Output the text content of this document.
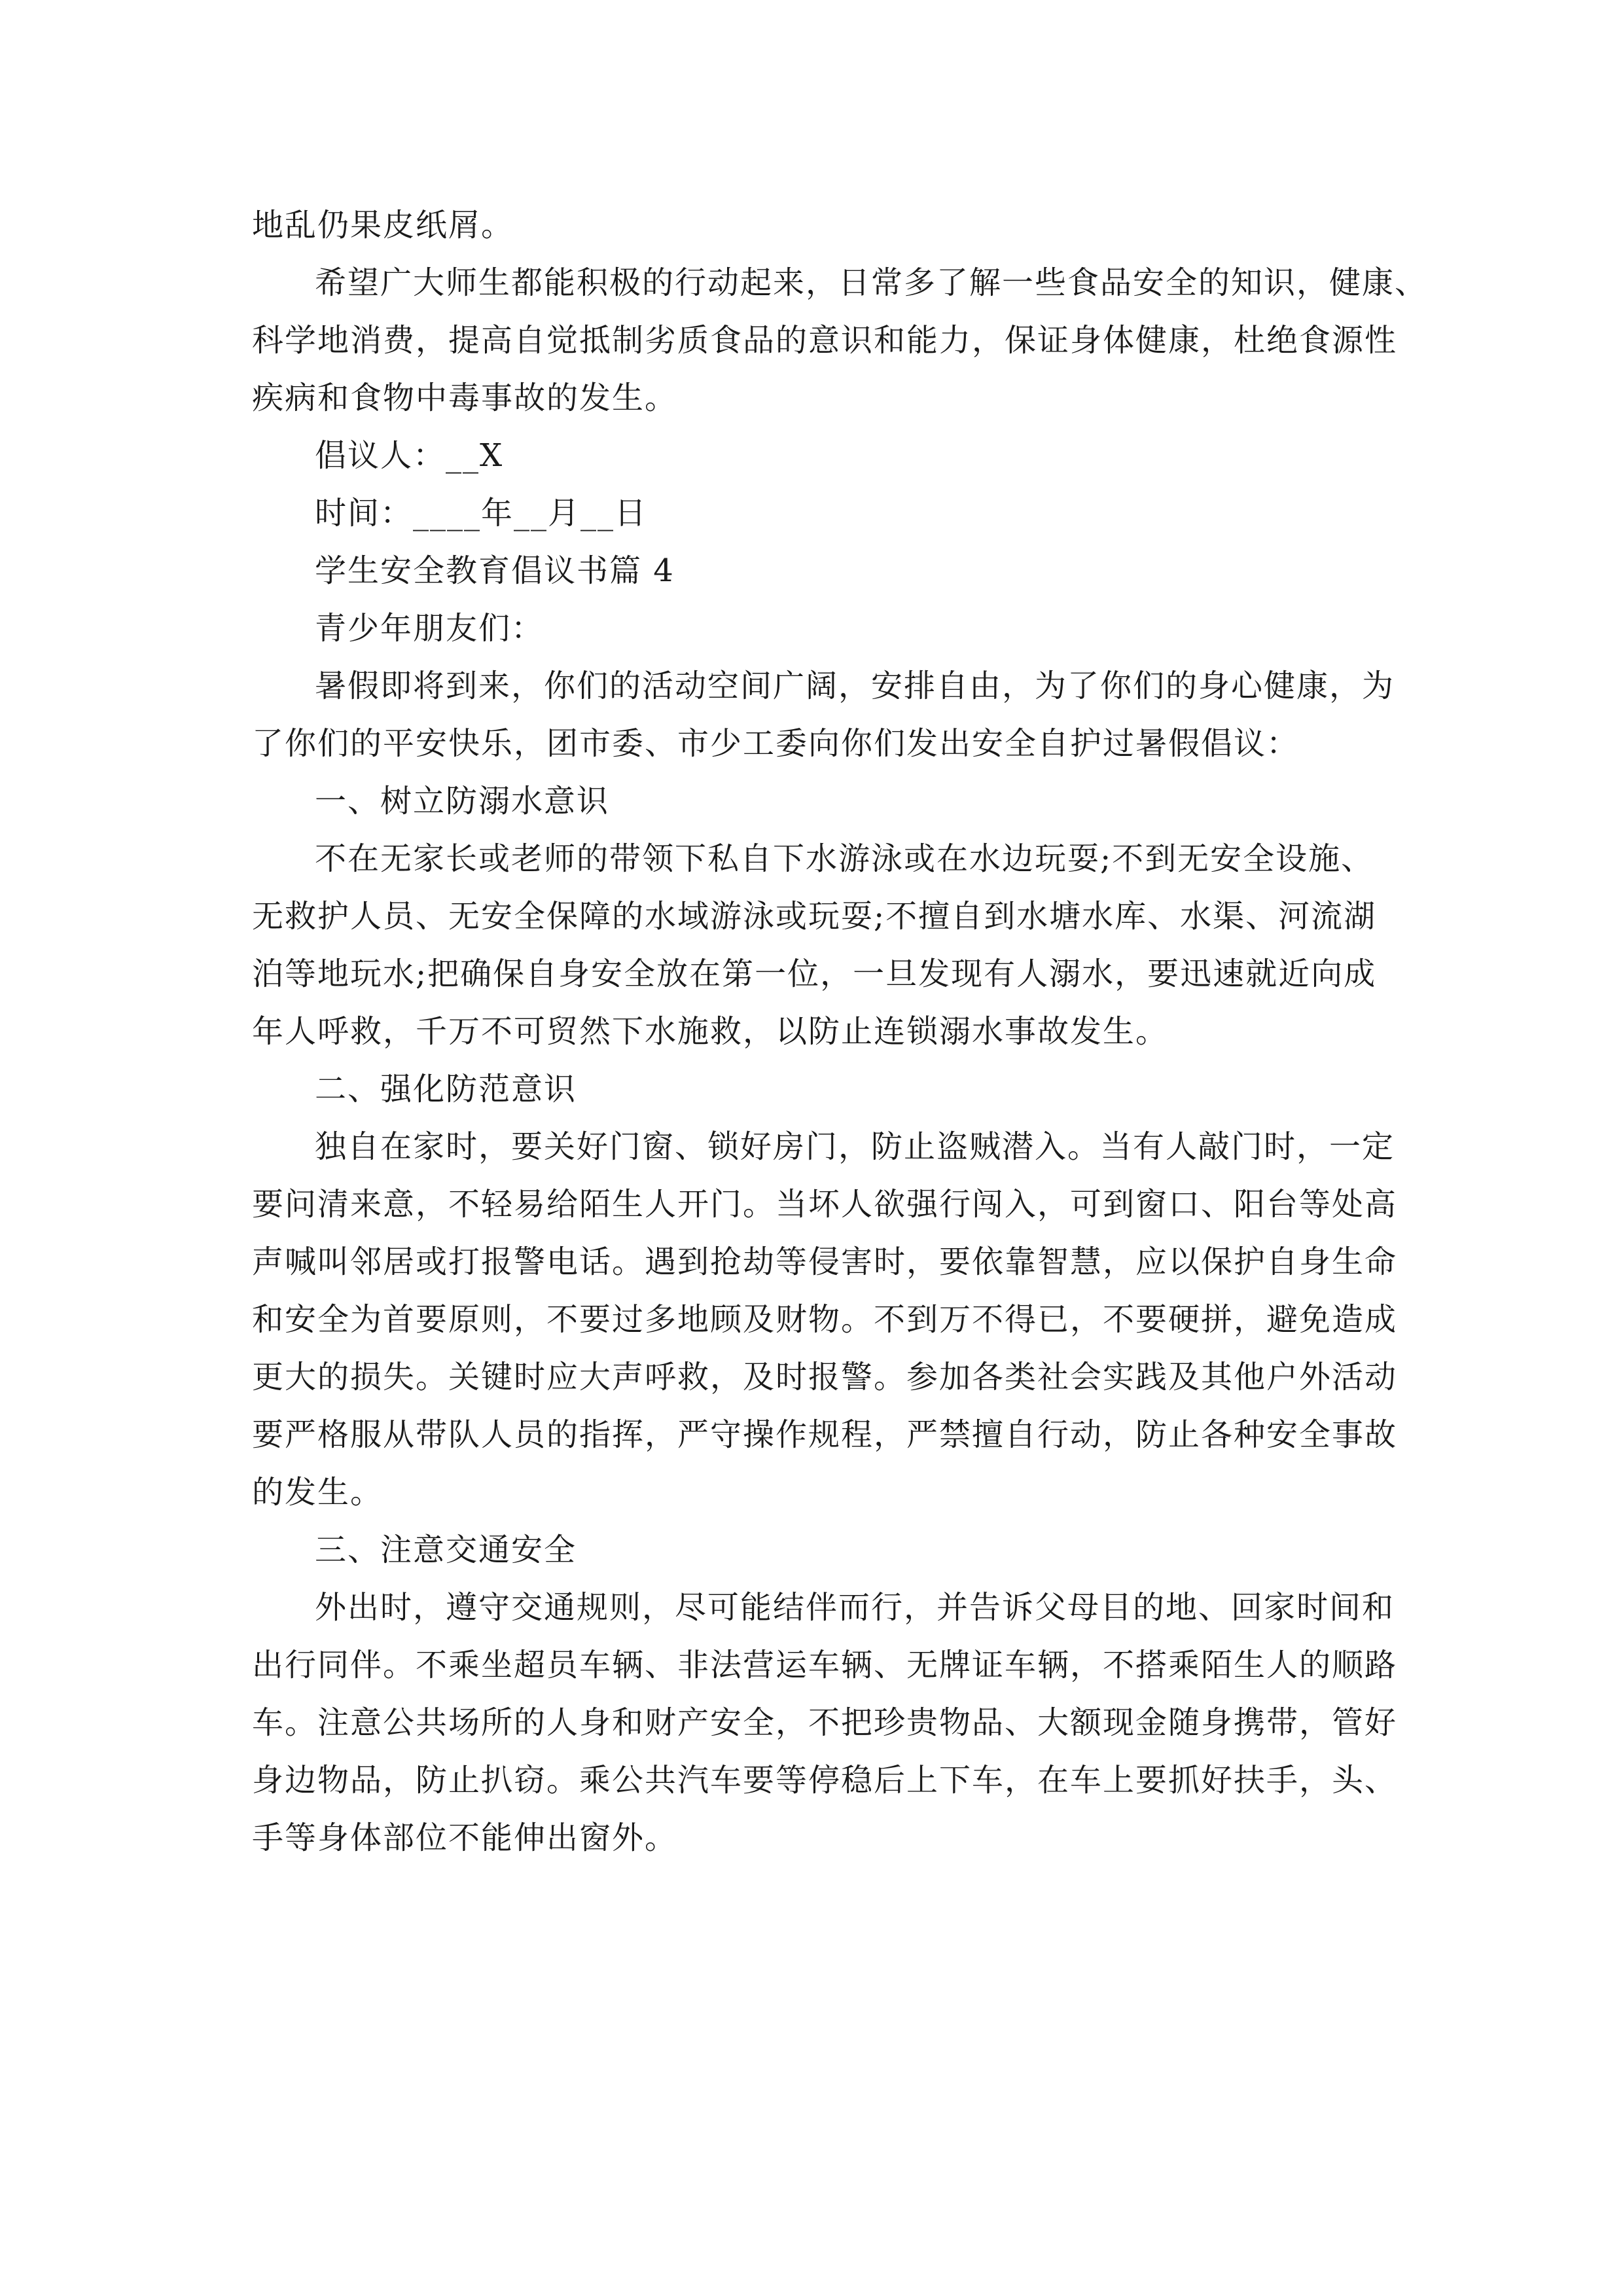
地乱仍果皮纸屑。
希望广大师生都能积极的行动起来，日常多了解一些食品安全的知识，健康、
科学地消费，提高自觉抵制劣质食品的意识和能力，保证身体健康，杜绝食源性
疾病和食物中毒事故的发生。
倡议人：__X
时间：____年__月__日
学生安全教育倡议书篇 4
青少年朋友们：
暑假即将到来，你们的活动空间广阔，安排自由，为了你们的身心健康，为
了你们的平安快乐，团市委、市少工委向你们发出安全自护过暑假倡议：
一、树立防溺水意识
不在无家长或老师的带领下私自下水游泳或在水边玩耍;不到无安全设施、
无救护人员、无安全保障的水域游泳或玩耍;不擅自到水塘水库、水渠、河流湖
泊等地玩水;把确保自身安全放在第一位，一旦发现有人溺水，要迅速就近向成
年人呼救，千万不可贸然下水施救，以防止连锁溺水事故发生。
二、强化防范意识
独自在家时，要关好门窗、锁好房门，防止盗贼潜入。当有人敲门时，一定
要问清来意，不轻易给陌生人开门。当坏人欲强行闯入，可到窗口、阳台等处高
声喊叫邻居或打报警电话。遇到抢劫等侵害时，要依靠智慧，应以保护自身生命
和安全为首要原则，不要过多地顾及财物。不到万不得已，不要硬拼，避免造成
更大的损失。关键时应大声呼救，及时报警。参加各类社会实践及其他户外活动
要严格服从带队人员的指挥，严守操作规程，严禁擅自行动，防止各种安全事故
的发生。
三、注意交通安全
外出时，遵守交通规则，尽可能结伴而行，并告诉父母目的地、回家时间和
出行同伴。不乘坐超员车辆、非法营运车辆、无牌证车辆，不搭乘陌生人的顺路
车。注意公共场所的人身和财产安全，不把珍贵物品、大额现金随身携带，管好
身边物品，防止扒窃。乘公共汽车要等停稳后上下车，在车上要抓好扶手，头、
手等身体部位不能伸出窗外。
